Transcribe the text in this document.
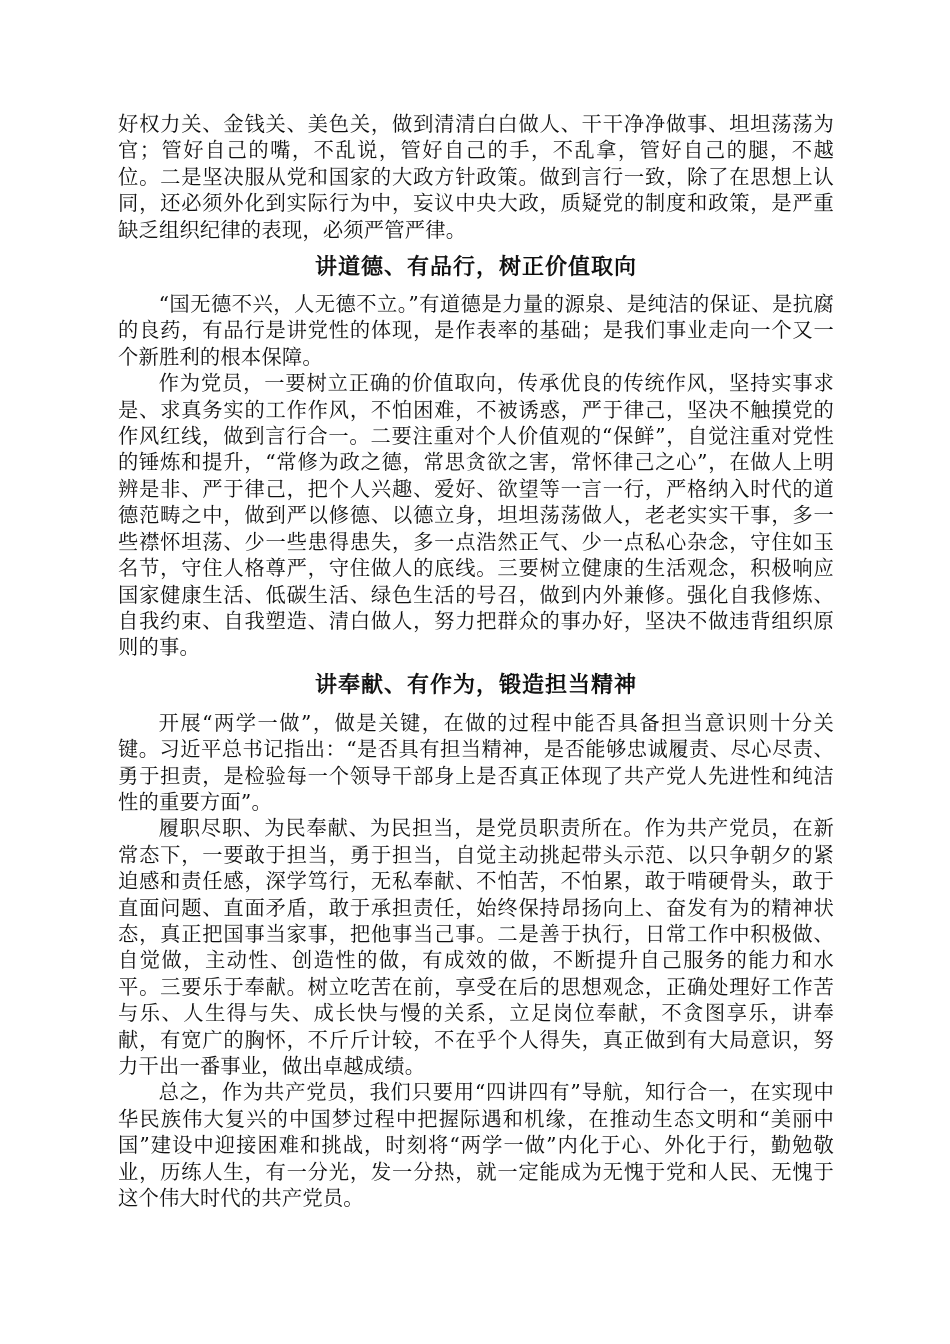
好权力关、金钱关、美色关，做到清清白白做人、干干净净做事、坦坦荡荡为官；管好自己的嘴，不乱说，管好自己的手，不乱拿，管好自己的腿，不越位。二是坚决服从党和国家的大政方针政策。做到言行一致，除了在思想上认同，还必须外化到实际行为中，妄议中央大政，质疑党的制度和政策，是严重缺乏组织纪律的表现，必须严管严律。

讲道德、有品行，树正价值取向

“国无德不兴，人无德不立。”有道德是力量的源泉、是纯洁的保证、是抗腐的良药，有品行是讲党性的体现，是作表率的基础；是我们事业走向一个又一个新胜利的根本保障。

作为党员，一要树立正确的价值取向，传承优良的传统作风，坚持实事求是、求真务实的工作作风，不怕困难，不被诱惑，严于律己，坚决不触摸党的作风红线，做到言行合一。二要注重对个人价值观的“保鲜”，自觉注重对党性的锤炼和提升，“常修为政之德，常思贪欲之害，常怀律己之心”，在做人上明辨是非、严于律己，把个人兴趣、爱好、欲望等一言一行，严格纳入时代的道德范畴之中，做到严以修德、以德立身，坦坦荡荡做人，老老实实干事，多一些襟怀坦荡、少一些患得患失，多一点浩然正气、少一点私心杂念，守住如玉名节，守住人格尊严，守住做人的底线。三要树立健康的生活观念，积极响应国家健康生活、低碳生活、绿色生活的号召，做到内外兼修。强化自我修炼、自我约束、自我塑造、清白做人，努力把群众的事办好，坚决不做违背组织原则的事。

讲奉献、有作为，锻造担当精神

开展“两学一做”，做是关键，在做的过程中能否具备担当意识则十分关键。习近平总书记指出：“是否具有担当精神，是否能够忠诚履责、尽心尽责、勇于担责，是检验每一个领导干部身上是否真正体现了共产党人先进性和纯洁性的重要方面”。

履职尽职、为民奉献、为民担当，是党员职责所在。作为共产党员，在新常态下，一要敢于担当，勇于担当，自觉主动挑起带头示范、以只争朝夕的紧迫感和责任感，深学笃行，无私奉献、不怕苦，不怕累，敢于啃硬骨头，敢于直面问题、直面矛盾，敢于承担责任，始终保持昂扬向上、奋发有为的精神状态，真正把国事当家事，把他事当己事。二是善于执行，日常工作中积极做、自觉做，主动性、创造性的做，有成效的做，不断提升自己服务的能力和水平。三要乐于奉献。树立吃苦在前，享受在后的思想观念，正确处理好工作苦与乐、人生得与失、成长快与慢的关系，立足岗位奉献，不贪图享乐，讲奉献，有宽广的胸怀，不斤斤计较，不在乎个人得失，真正做到有大局意识，努力干出一番事业，做出卓越成绩。

总之，作为共产党员，我们只要用“四讲四有”导航，知行合一，在实现中华民族伟大复兴的中国梦过程中把握际遇和机缘，在推动生态文明和“美丽中国”建设中迎接困难和挑战，时刻将“两学一做”内化于心、外化于行，勤勉敬业，历练人生，有一分光，发一分热，就一定能成为无愧于党和人民、无愧于这个伟大时代的共产党员。
